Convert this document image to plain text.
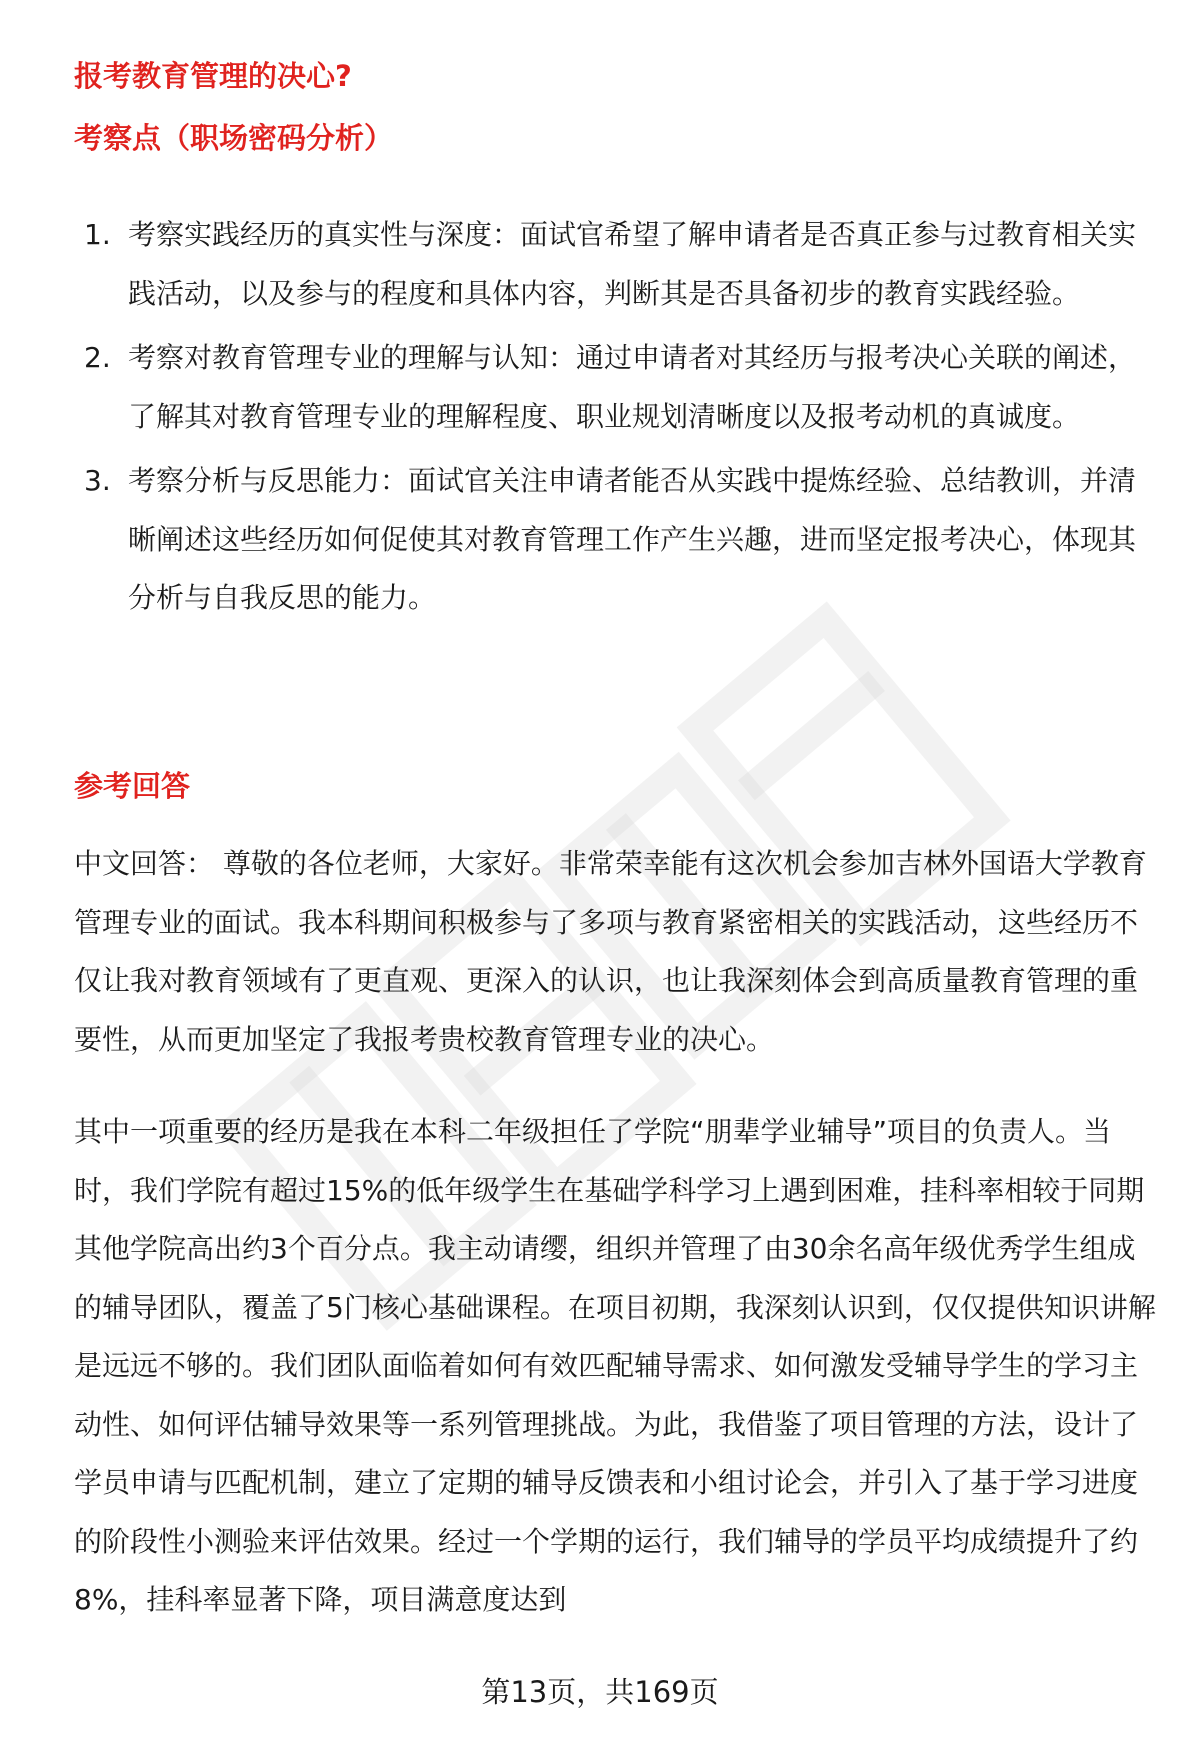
报考教育管理的决心?
考察点（职场密码分析）
1. 考察实践经历的真实性与深度：面试官希望了解申请者是否真正参与过教育相关实践活动，以及参与的程度和具体内容，判断其是否具备初步的教育实践经验。
2. 考察对教育管理专业的理解与认知：通过申请者对其经历与报考决心关联的阐述，了解其对教育管理专业的理解程度、职业规划清晰度以及报考动机的真诚度。
3. 考察分析与反思能力：面试官关注申请者能否从实践中提炼经验、总结教训，并清晰阐述这些经历如何促使其对教育管理工作产生兴趣，进而坚定报考决心，体现其分析与自我反思的能力。
参考回答

中文回答： 尊敬的各位老师，大家好。非常荣幸能有这次机会参加吉林外国语大学教育管理专业的面试。我本科期间积极参与了多项与教育紧密相关的实践活动，这些经历不仅让我对教育领域有了更直观、更深入的认识，也让我深刻体会到高质量教育管理的重要性，从而更加坚定了我报考贵校教育管理专业的决心。

其中一项重要的经历是我在本科二年级担任了学院“朋辈学业辅导”项目的负责人。当时，我们学院有超过15%的低年级学生在基础学科学习上遇到困难，挂科率相较于同期其他学院高出约3个百分点。我主动请缨，组织并管理了由30余名高年级优秀学生组成的辅导团队，覆盖了5门核心基础课程。在项目初期，我深刻认识到，仅仅提供知识讲解是远远不够的。我们团队面临着如何有效匹配辅导需求、如何激发受辅导学生的学习主动性、如何评估辅导效果等一系列管理挑战。为此，我借鉴了项目管理的方法，设计了学员申请与匹配机制，建立了定期的辅导反馈表和小组讨论会，并引入了基于学习进度的阶段性小测验来评估效果。经过一个学期的运行，我们辅导的学员平均成绩提升了约8%，挂科率显著下降，项目满意度达到

第13页，共169页
